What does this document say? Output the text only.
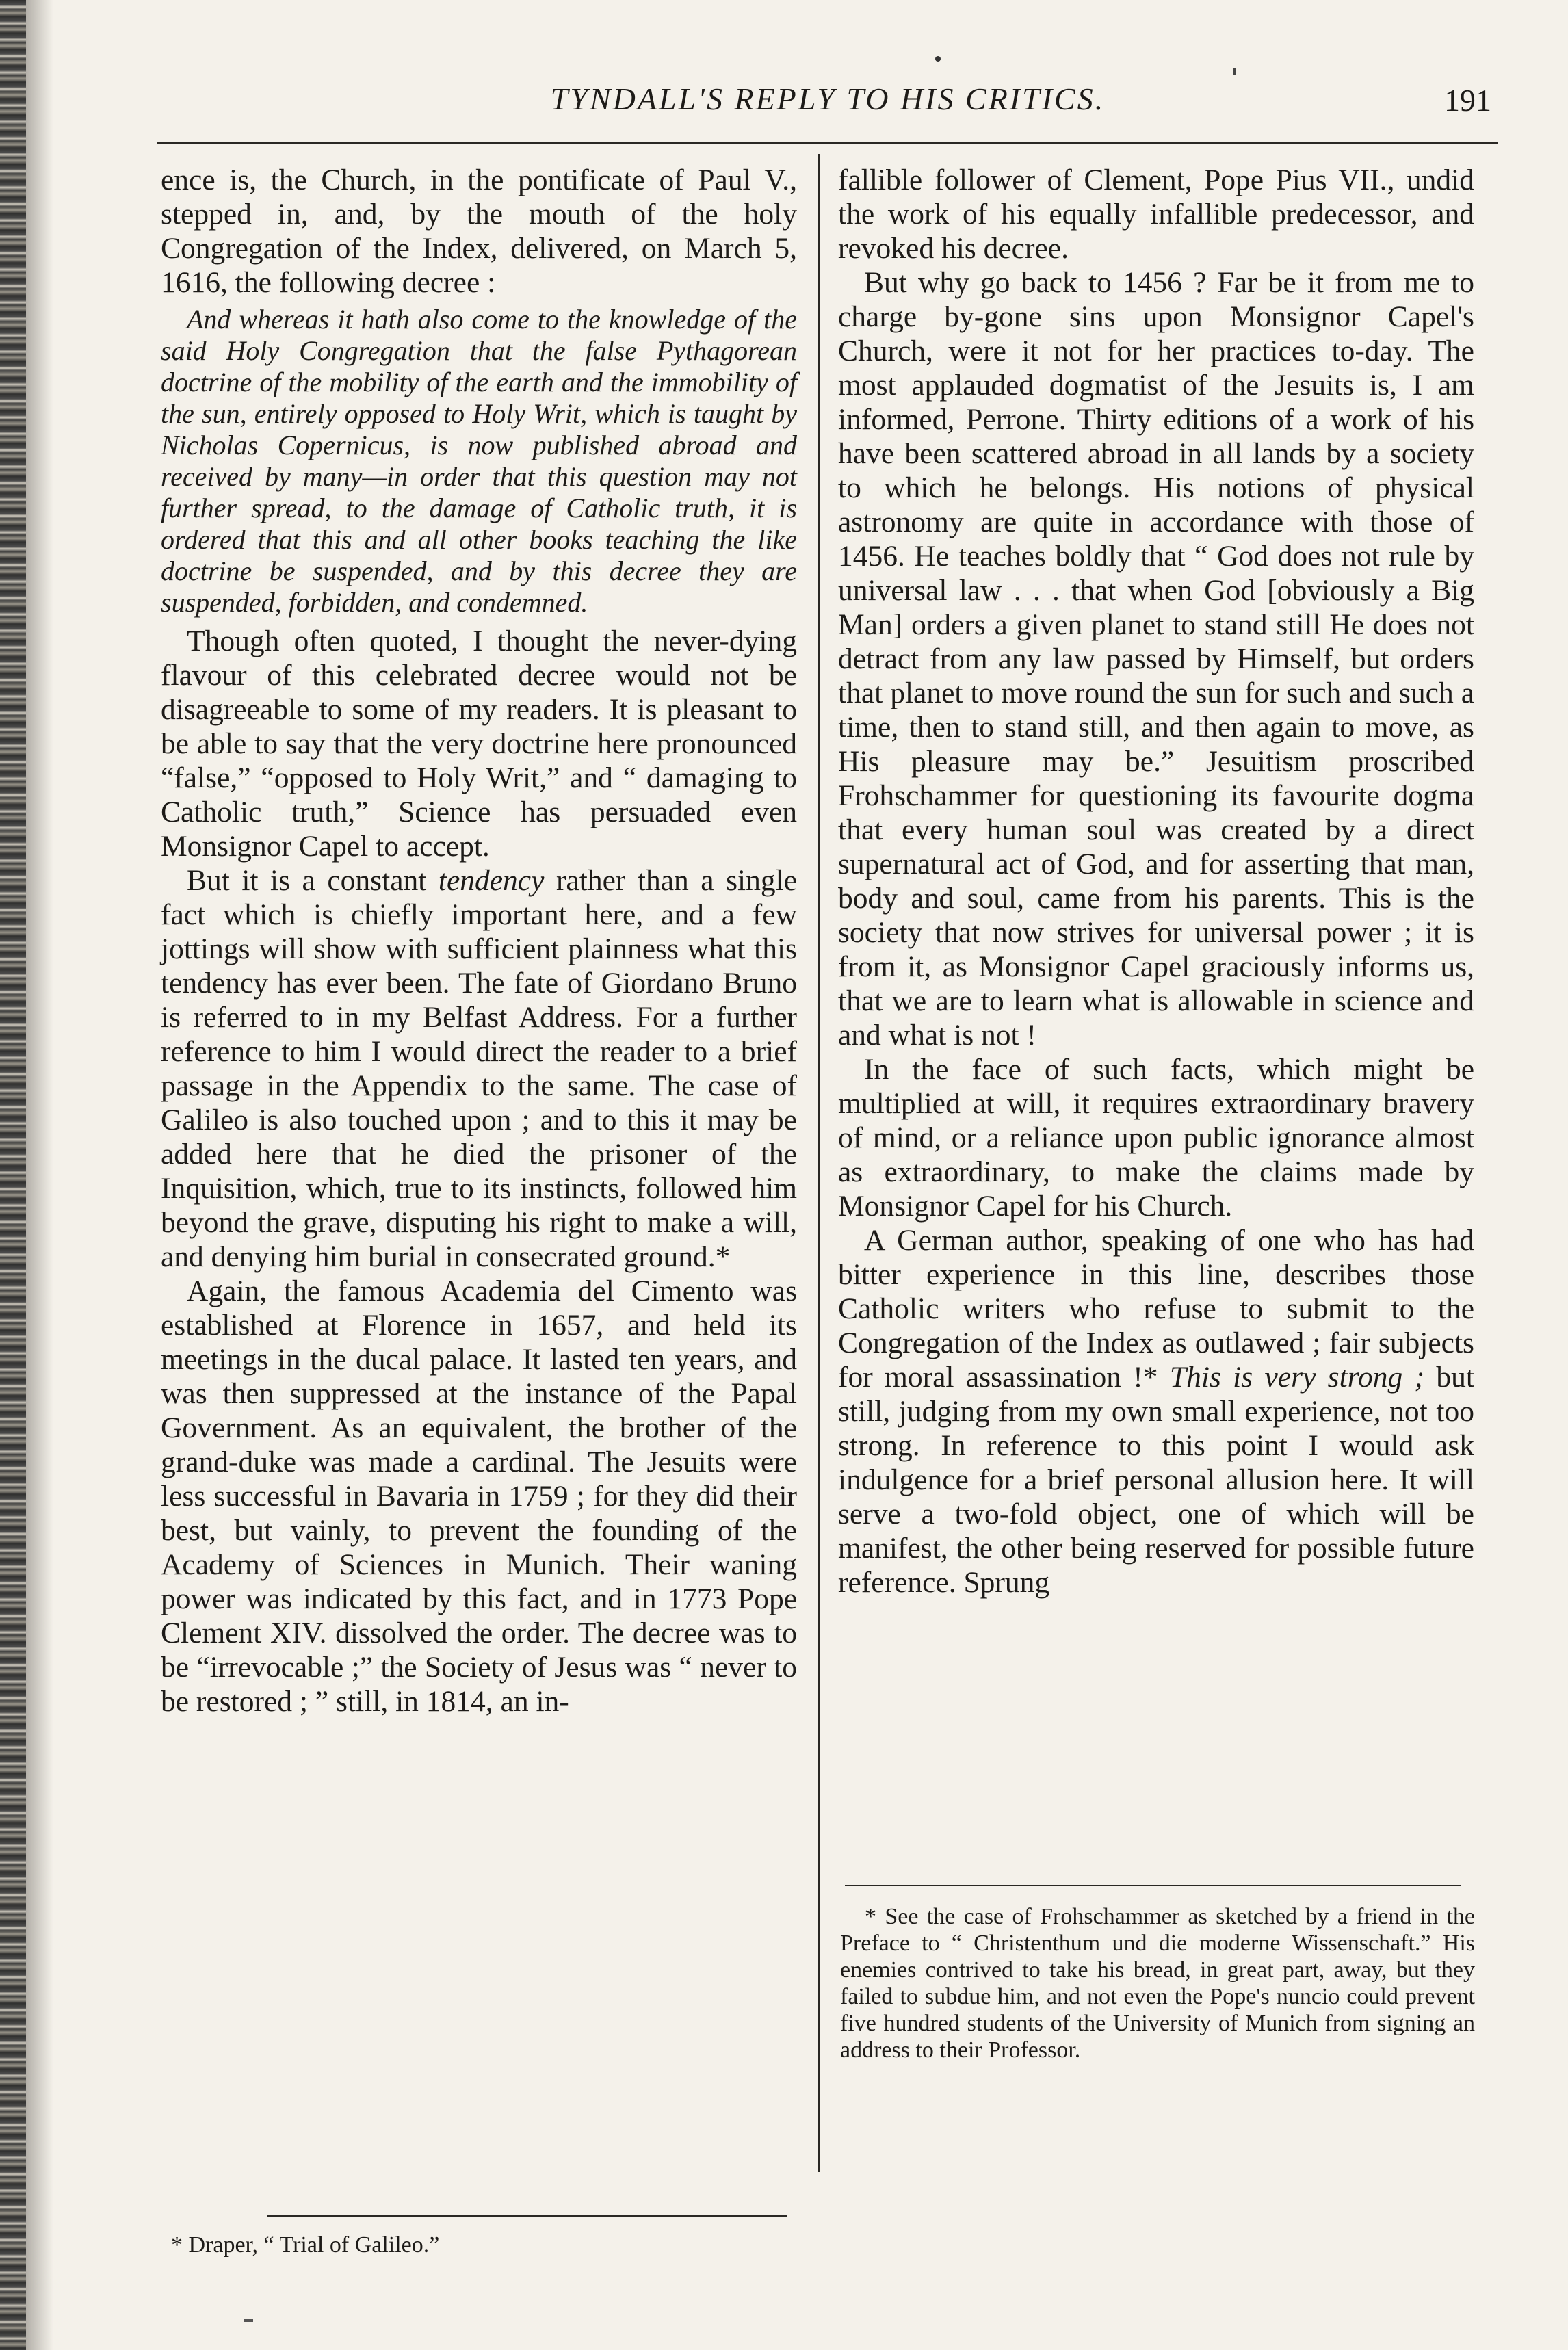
TYNDALL'S REPLY TO HIS CRITICS.	191

ence is, the Church, in the pontificate of Paul V., stepped in, and, by the mouth of the holy Congregation of the Index, delivered, on March 5, 1616, the following decree :

And whereas it hath also come to the knowledge of the said Holy Congregation that the false Pythagorean doctrine of the mobility of the earth and the immobility of the sun, entirely opposed to Holy Writ, which is taught by Nicholas Copernicus, is now published abroad and received by many—in order that this question may not further spread, to the damage of Catholic truth, it is ordered that this and all other books teaching the like doctrine be suspended, and by this decree they are suspended, forbidden, and condemned.

Though often quoted, I thought the never-dying flavour of this celebrated decree would not be disagreeable to some of my readers. It is pleasant to be able to say that the very doctrine here pronounced “false,” “opposed to Holy Writ,” and “ damaging to Catholic truth,” Science has persuaded even Monsignor Capel to accept.

But it is a constant tendency rather than a single fact which is chiefly important here, and a few jottings will show with sufficient plainness what this tendency has ever been. The fate of Giordano Bruno is referred to in my Belfast Address. For a further reference to him I would direct the reader to a brief passage in the Appendix to the same. The case of Galileo is also touched upon ; and to this it may be added here that he died the prisoner of the Inquisition, which, true to its instincts, followed him beyond the grave, disputing his right to make a will, and denying him burial in consecrated ground.*

Again, the famous Academia del Cimento was established at Florence in 1657, and held its meetings in the ducal palace. It lasted ten years, and was then suppressed at the instance of the Papal Government. As an equivalent, the brother of the grand-duke was made a cardinal. The Jesuits were less successful in Bavaria in 1759 ; for they did their best, but vainly, to prevent the founding of the Academy of Sciences in Munich. Their waning power was indicated by this fact, and in 1773 Pope Clement XIV. dissolved the order. The decree was to be “irrevocable ;” the Society of Jesus was “ never to be restored ; ” still, in 1814, an in-

* Draper, “ Trial of Galileo.”

fallible follower of Clement, Pope Pius VII., undid the work of his equally infallible predecessor, and revoked his decree.

But why go back to 1456 ? Far be it from me to charge by-gone sins upon Monsignor Capel's Church, were it not for her practices to-day. The most applauded dogmatist of the Jesuits is, I am informed, Perrone. Thirty editions of a work of his have been scattered abroad in all lands by a society to which he belongs. His notions of physical astronomy are quite in accordance with those of 1456. He teaches boldly that “ God does not rule by universal law . . . that when God [obviously a Big Man] orders a given planet to stand still He does not detract from any law passed by Himself, but orders that planet to move round the sun for such and such a time, then to stand still, and then again to move, as His pleasure may be.” Jesuitism proscribed Frohschammer for questioning its favourite dogma that every human soul was created by a direct supernatural act of God, and for asserting that man, body and soul, came from his parents. This is the society that now strives for universal power ; it is from it, as Monsignor Capel graciously informs us, that we are to learn what is allowable in science and and what is not !

In the face of such facts, which might be multiplied at will, it requires extraordinary bravery of mind, or a reliance upon public ignorance almost as extraordinary, to make the claims made by Monsignor Capel for his Church.

A German author, speaking of one who has had bitter experience in this line, describes those Catholic writers who refuse to submit to the Congregation of the Index as outlawed ; fair subjects for moral assassination !* This is very strong ; but still, judging from my own small experience, not too strong. In reference to this point I would ask indulgence for a brief personal allusion here. It will serve a two-fold object, one of which will be manifest, the other being reserved for possible future reference. Sprung

* See the case of Frohschammer as sketched by a friend in the Preface to “ Christenthum und die moderne Wissenschaft.” His enemies contrived to take his bread, in great part, away, but they failed to subdue him, and not even the Pope's nuncio could prevent five hundred students of the University of Munich from signing an address to their Professor.
